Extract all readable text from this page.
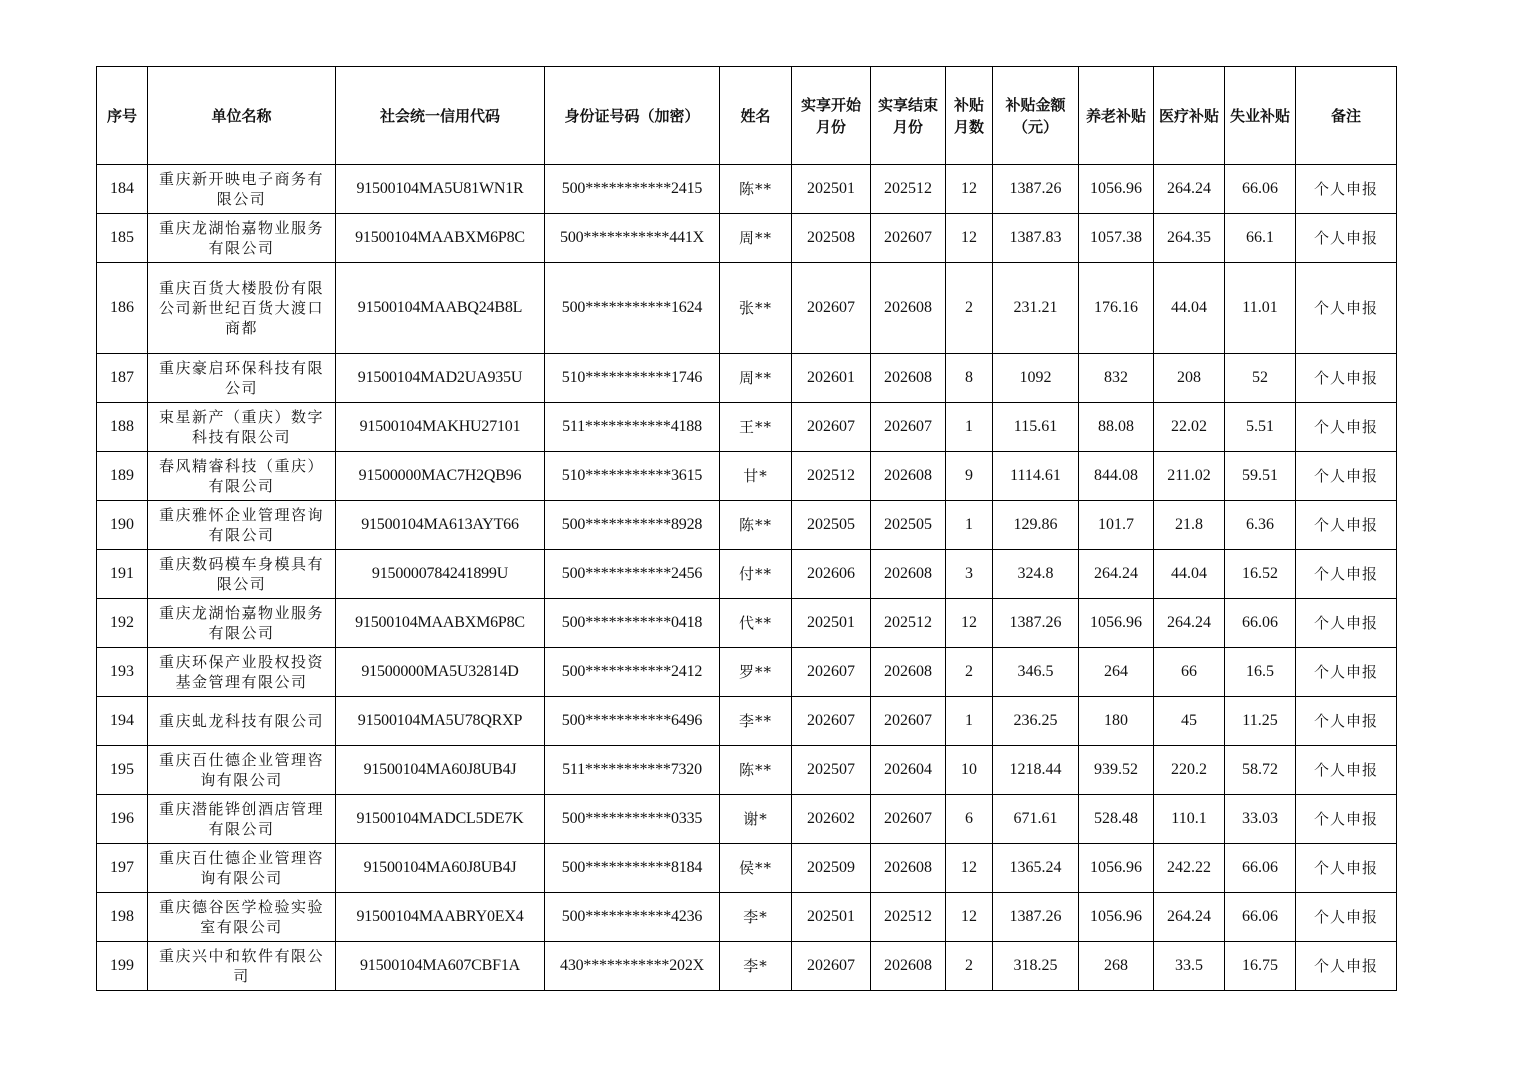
序号	单位名称	社会统一信用代码	身份证号码（加密）	姓名	实享开始月份	实享结束月份	补贴月数	补贴金额（元）	养老补贴	医疗补贴	失业补贴	备注
184	重庆新开映电子商务有限公司	91500104MA5U81WN1R	500***********2415	陈**	202501	202512	12	1387.26	1056.96	264.24	66.06	个人申报
185	重庆龙湖怡嘉物业服务有限公司	91500104MAABXM6P8C	500***********441X	周**	202508	202607	12	1387.83	1057.38	264.35	66.1	个人申报
186	重庆百货大楼股份有限公司新世纪百货大渡口商都	91500104MAABQ24B8L	500***********1624	张**	202607	202608	2	231.21	176.16	44.04	11.01	个人申报
187	重庆豪启环保科技有限公司	91500104MAD2UA935U	510***********1746	周**	202601	202608	8	1092	832	208	52	个人申报
188	束星新产（重庆）数字科技有限公司	91500104MAKHU27101	511***********4188	王**	202607	202607	1	115.61	88.08	22.02	5.51	个人申报
189	春风精睿科技（重庆）有限公司	91500000MAC7H2QB96	510***********3615	甘*	202512	202608	9	1114.61	844.08	211.02	59.51	个人申报
190	重庆雅怀企业管理咨询有限公司	91500104MA613AYT66	500***********8928	陈**	202505	202505	1	129.86	101.7	21.8	6.36	个人申报
191	重庆数码模车身模具有限公司	9150000784241899U	500***********2456	付**	202606	202608	3	324.8	264.24	44.04	16.52	个人申报
192	重庆龙湖怡嘉物业服务有限公司	91500104MAABXM6P8C	500***********0418	代**	202501	202512	12	1387.26	1056.96	264.24	66.06	个人申报
193	重庆环保产业股权投资基金管理有限公司	91500000MA5U32814D	500***********2412	罗**	202607	202608	2	346.5	264	66	16.5	个人申报
194	重庆虬龙科技有限公司	91500104MA5U78QRXP	500***********6496	李**	202607	202607	1	236.25	180	45	11.25	个人申报
195	重庆百仕德企业管理咨询有限公司	91500104MA60J8UB4J	511***********7320	陈**	202507	202604	10	1218.44	939.52	220.2	58.72	个人申报
196	重庆潜能铧创酒店管理有限公司	91500104MADCL5DE7K	500***********0335	谢*	202602	202607	6	671.61	528.48	110.1	33.03	个人申报
197	重庆百仕德企业管理咨询有限公司	91500104MA60J8UB4J	500***********8184	侯**	202509	202608	12	1365.24	1056.96	242.22	66.06	个人申报
198	重庆德谷医学检验实验室有限公司	91500104MAABRY0EX4	500***********4236	李*	202501	202512	12	1387.26	1056.96	264.24	66.06	个人申报
199	重庆兴中和软件有限公司	91500104MA607CBF1A	430***********202X	李*	202607	202608	2	318.25	268	33.5	16.75	个人申报
